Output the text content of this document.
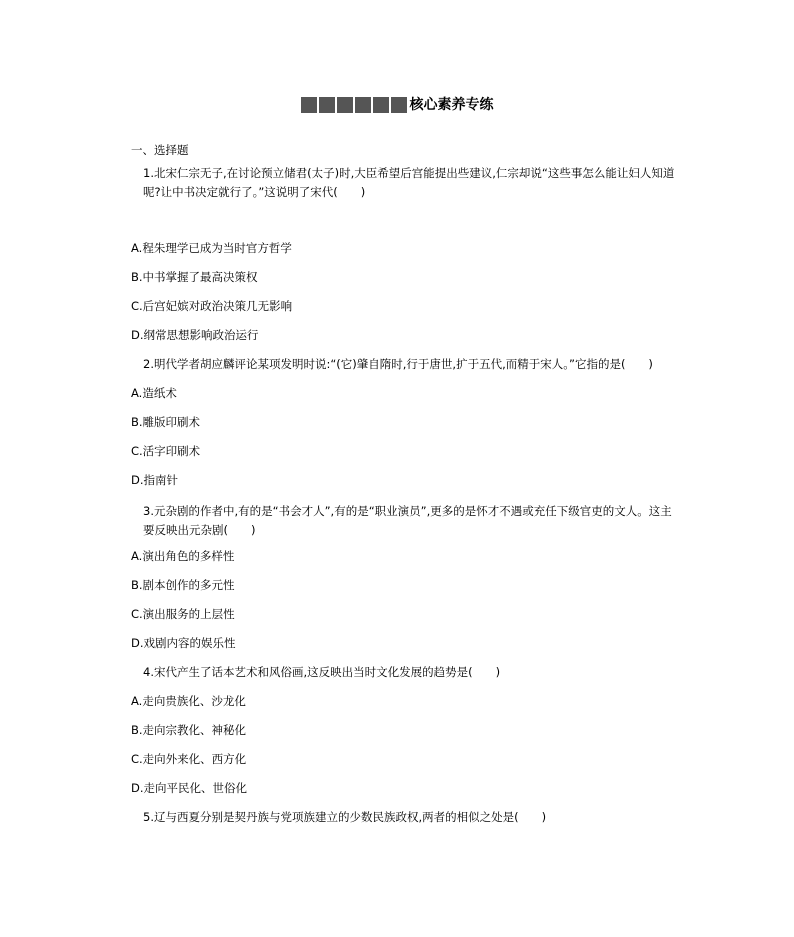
核心素养专练
一、选择题
1.北宋仁宗无子,在讨论预立储君(太子)时,大臣希望后宫能提出些建议,仁宗却说“这些事怎么能让妇人知道呢?让中书决定就行了。”这说明了宋代(　　)
A.程朱理学已成为当时官方哲学
B.中书掌握了最高决策权
C.后宫妃嫔对政治决策几无影响
D.纲常思想影响政治运行
2.明代学者胡应麟评论某项发明时说:“(它)肇自隋时,行于唐世,扩于五代,而精于宋人。”它指的是(　　)
A.造纸术
B.雕版印刷术
C.活字印刷术
D.指南针
3.元杂剧的作者中,有的是“书会才人”,有的是“职业演员”,更多的是怀才不遇或充任下级官吏的文人。这主要反映出元杂剧(　　)
A.演出角色的多样性
B.剧本创作的多元性
C.演出服务的上层性
D.戏剧内容的娱乐性
4.宋代产生了话本艺术和风俗画,这反映出当时文化发展的趋势是(　　)
A.走向贵族化、沙龙化
B.走向宗教化、神秘化
C.走向外来化、西方化
D.走向平民化、世俗化
5.辽与西夏分别是契丹族与党项族建立的少数民族政权,两者的相似之处是(　　)
